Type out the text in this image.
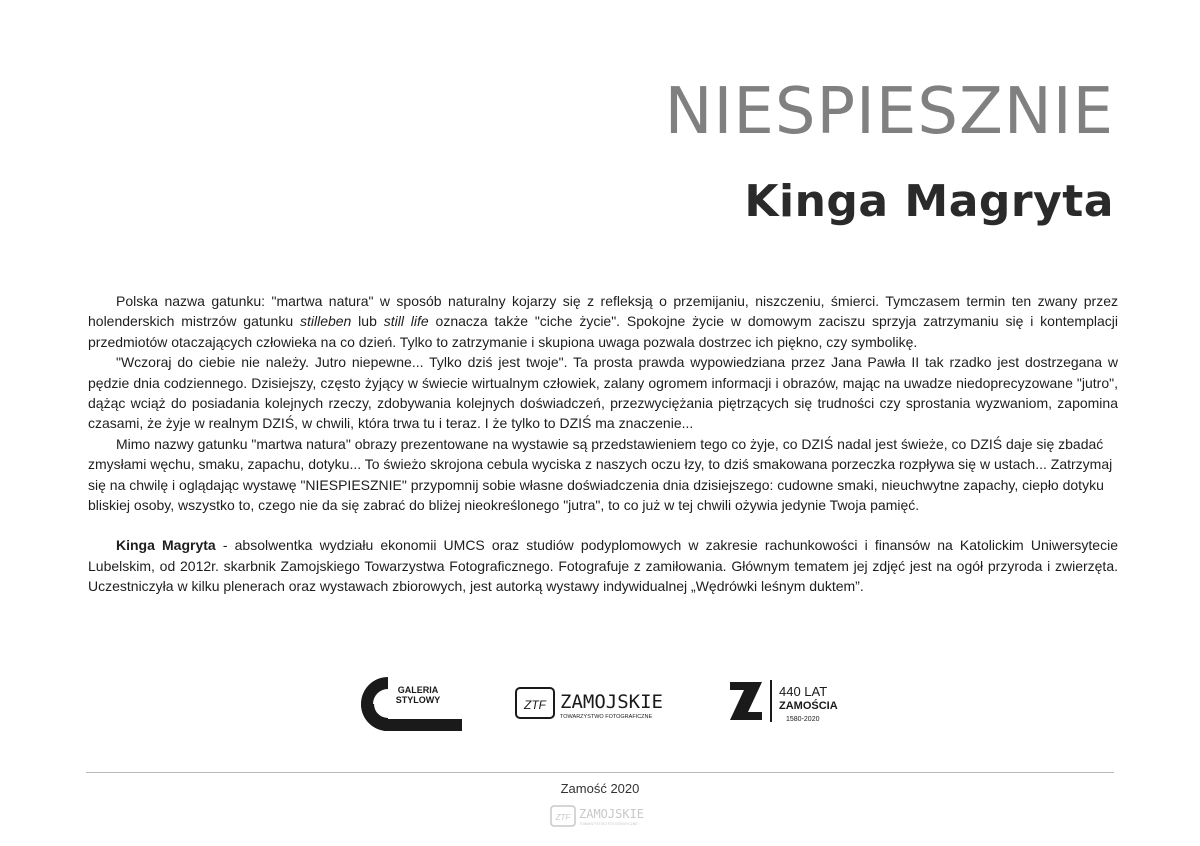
NIESPIESZNIE
Kinga Magryta

Polska nazwa gatunku: "martwa natura" w sposób naturalny kojarzy się z refleksją o przemijaniu, niszczeniu, śmierci. Tymczasem termin ten zwany przez holenderskich mistrzów gatunku stilleben lub still life oznacza także "ciche życie". Spokojne życie w domowym zaciszu sprzyja zatrzymaniu się i kontemplacji przedmiotów otaczających człowieka na co dzień. Tylko to zatrzymanie i skupiona uwaga pozwala dostrzec ich piękno, czy symbolikę.

"Wczoraj do ciebie nie należy. Jutro niepewne... Tylko dziś jest twoje". Ta prosta prawda wypowiedziana przez Jana Pawła II tak rzadko jest dostrzegana w pędzie dnia codziennego. Dzisiejszy, często żyjący w świecie wirtualnym człowiek, zalany ogromem informacji i obrazów, mając na uwadze niedoprecyzowane "jutro", dążąc wciąż do posiadania kolejnych rzeczy, zdobywania kolejnych doświadczeń, przezwyciężania piętrzących się trudności czy sprostania wyzwaniom, zapomina czasami, że żyje w realnym DZIŚ, w chwili, która trwa tu i teraz. I że tylko to DZIŚ ma znaczenie...

Mimo nazwy gatunku "martwa natura" obrazy prezentowane na wystawie są przedstawieniem tego co żyje, co DZIŚ nadal jest świeże, co DZIŚ daje się zbadać zmysłami węchu, smaku, zapachu, dotyku... To świeżo skrojona cebula wyciska z naszych oczu łzy, to dziś smakowana porzeczka rozpływa się w ustach... Zatrzymaj się na chwilę i oglądając wystawę "NIESPIESZNIE" przypomnij sobie własne doświadczenia dnia dzisiejszego: cudowne smaki, nieuchwytne zapachy, ciepło dotyku bliskiej osoby, wszystko to, czego nie da się zabrać do bliżej nieokreślonego "jutra", to co już w tej chwili ożywia jedynie Twoja pamięć.

Kinga Magryta - absolwentka wydziału ekonomii UMCS oraz studiów podyplomowych w zakresie rachunkowości i finansów na Katolickim Uniwersytecie Lubelskim, od 2012r. skarbnik Zamojskiego Towarzystwa Fotograficznego. Fotografuje z zamiłowania. Głównym tematem jej zdjęć jest na ogół przyroda i zwierzęta. Uczestniczyła w kilku plenerach oraz wystawach zbiorowych, jest autorką wystawy indywidualnej „Wędrówki leśnym duktem”.

GALERIA
STYLOWY	ZTF ZAMOJSKIE
TOWARZYSTWO FOTOGRAFICZNE
440 LAT
ZAMOŚCIA
1580-2020
Zamość 2020
ZTF ZAMOJSKIE
TOWARZYSTWO FOTOGRAFICZNE
